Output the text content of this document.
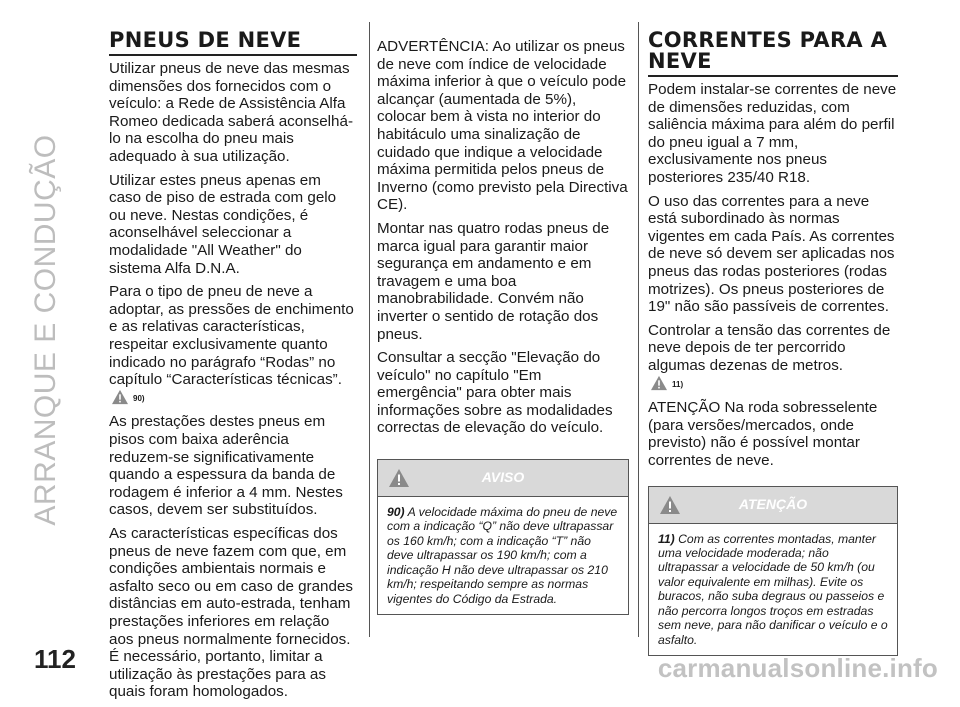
ARRANQUE E CONDUÇÃO
112
PNEUS DE NEVE

Utilizar pneus de neve das mesmas dimensões dos fornecidos com o veículo: a Rede de Assistência Alfa Romeo dedicada saberá aconselhá-lo na escolha do pneu mais adequado à sua utilização.

Utilizar estes pneus apenas em caso de piso de estrada com gelo ou neve. Nestas condições, é aconselhável seleccionar a modalidade "All Weather" do sistema Alfa D.N.A.

Para o tipo de pneu de neve a adoptar, as pressões de enchimento e as relativas características, respeitar exclusivamente quanto indicado no parágrafo “Rodas” no capítulo “Características técnicas”. 90)

As prestações destes pneus em pisos com baixa aderência reduzem-se significativamente quando a espessura da banda de rodagem é inferior a 4 mm. Nestes casos, devem ser substituídos.

As características específicas dos pneus de neve fazem com que, em condições ambientais normais e asfalto seco ou em caso de grandes distâncias em auto-estrada, tenham prestações inferiores em relação aos pneus normalmente fornecidos. É necessário, portanto, limitar a utilização às prestações para as quais foram homologados.

ADVERTÊNCIA: Ao utilizar os pneus de neve com índice de velocidade máxima inferior à que o veículo pode alcançar (aumentada de 5%), colocar bem à vista no interior do habitáculo uma sinalização de cuidado que indique a velocidade máxima permitida pelos pneus de Inverno (como previsto pela Directiva CE).

Montar nas quatro rodas pneus de marca igual para garantir maior segurança em andamento e em travagem e uma boa manobrabilidade. Convém não inverter o sentido de rotação dos pneus.

Consultar a secção "Elevação do veículo" no capítulo "Em emergência" para obter mais informações sobre as modalidades correctas de elevação do veículo.

AVISO
90) A velocidade máxima do pneu de neve com a indicação “Q” não deve ultrapassar os 160 km/h; com a indicação “T” não deve ultrapassar os 190 km/h; com a indicação H não deve ultrapassar os 210 km/h; respeitando sempre as normas vigentes do Código da Estrada.
CORRENTES PARA A NEVE

Podem instalar-se correntes de neve de dimensões reduzidas, com saliência máxima para além do perfil do pneu igual a 7 mm, exclusivamente nos pneus posteriores 235/40 R18.

O uso das correntes para a neve está subordinado às normas vigentes em cada País. As correntes de neve só devem ser aplicadas nos pneus das rodas posteriores (rodas motrizes). Os pneus posteriores de 19" não são passíveis de correntes.

Controlar a tensão das correntes de neve depois de ter percorrido algumas dezenas de metros.
11)

ATENÇÃO Na roda sobresselente (para versões/mercados, onde previsto) não é possível montar correntes de neve.

ATENÇÃO
11) Com as correntes montadas, manter uma velocidade moderada; não ultrapassar a velocidade de 50 km/h (ou valor equivalente em milhas). Evite os buracos, não suba degraus ou passeios e não percorra longos troços em estradas sem neve, para não danificar o veículo e o asfalto.
carmanualsonline.info
